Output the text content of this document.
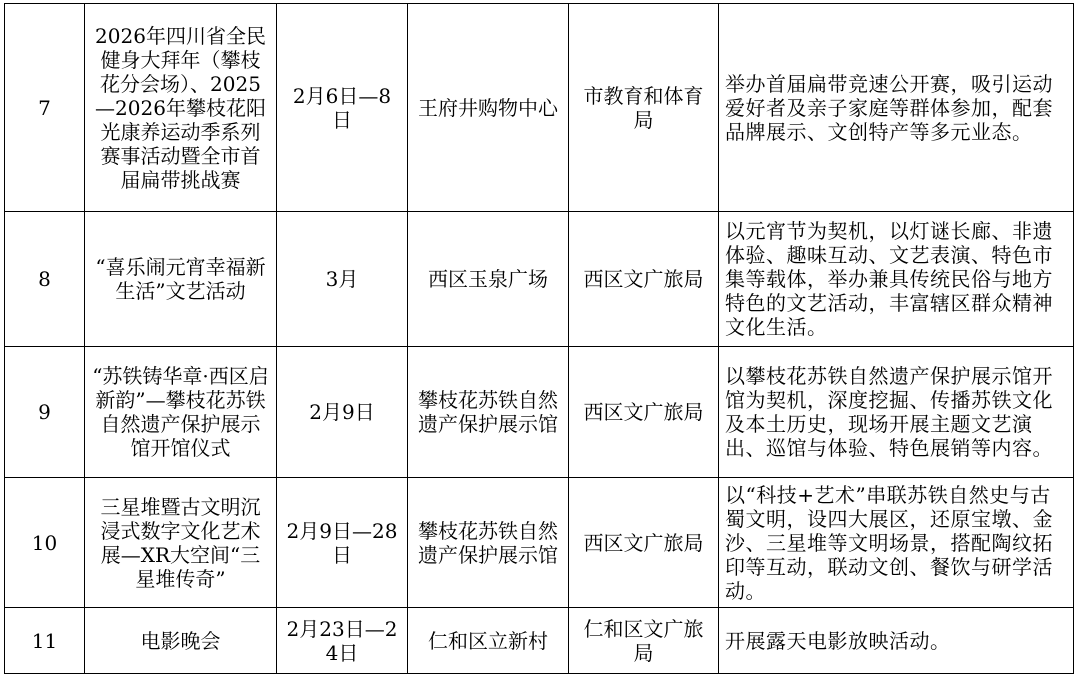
7	2026年四川省全民健身大拜年（攀枝花分会场）、2025—2026年攀枝花阳光康养运动季系列赛事活动暨全市首届扁带挑战赛	2月6日—8日	王府井购物中心	市教育和体育局	举办首届扁带竞速公开赛，吸引运动爱好者及亲子家庭等群体参加，配套品牌展示、文创特产等多元业态。
8	“喜乐闹元宵幸福新生活”文艺活动	3月	西区玉泉广场	西区文广旅局	以元宵节为契机，以灯谜长廊、非遗体验、趣味互动、文艺表演、特色市集等载体，举办兼具传统民俗与地方特色的文艺活动，丰富辖区群众精神文化生活。
9	“苏铁铸华章·西区启新韵”—攀枝花苏铁自然遗产保护展示馆开馆仪式	2月9日	攀枝花苏铁自然遗产保护展示馆	西区文广旅局	以攀枝花苏铁自然遗产保护展示馆开馆为契机，深度挖掘、传播苏铁文化及本土历史，现场开展主题文艺演出、巡馆与体验、特色展销等内容。
10	三星堆暨古文明沉浸式数字文化艺术展—XR大空间“三星堆传奇”	2月9日—28日	攀枝花苏铁自然遗产保护展示馆	西区文广旅局	以“科技+艺术”串联苏铁自然史与古蜀文明，设四大展区，还原宝墩、金沙、三星堆等文明场景，搭配陶纹拓印等互动，联动文创、餐饮与研学活动。
11	电影晚会	2月23日—24日	仁和区立新村	仁和区文广旅局	开展露天电影放映活动。
